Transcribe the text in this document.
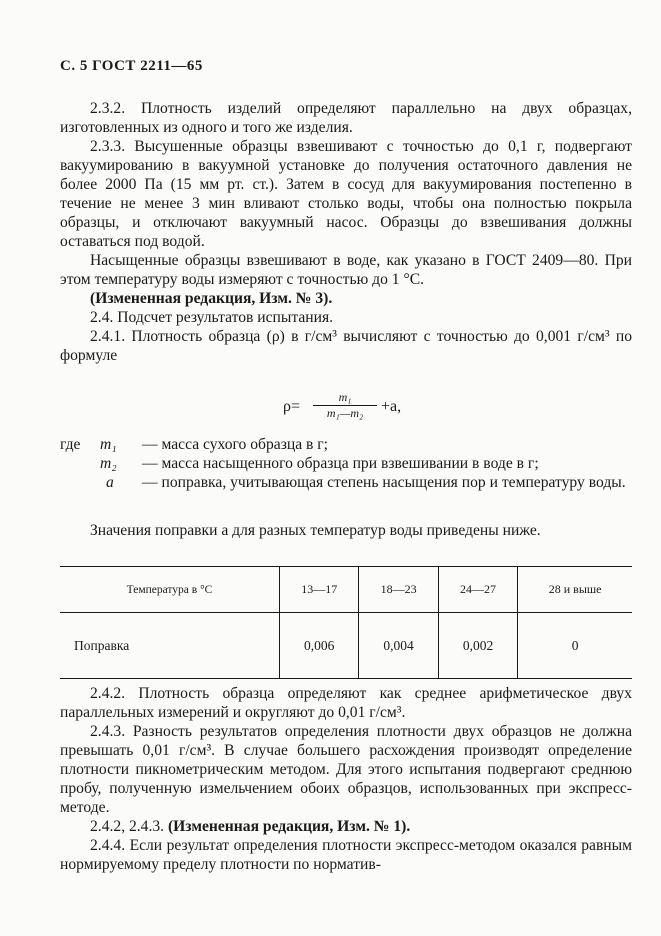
С. 5 ГОСТ 2211—65

2.3.2. Плотность изделий определяют параллельно на двух образцах, изготовленных из одного и того же изделия.

2.3.3. Высушенные образцы взвешивают с точностью до 0,1 г, подвергают вакуумированию в вакуумной установке до получения остаточного давления не более 2000 Па (15 мм рт. ст.). Затем в сосуд для вакуумирования постепенно в течение не менее 3 мин вливают столько воды, чтобы она полностью покрыла образцы, и отключают вакуумный насос. Образцы до взвешивания должны оставаться под водой.

Насыщенные образцы взвешивают в воде, как указано в ГОСТ 2409—80. При этом температуру воды измеряют с точностью до 1 °С.

(Измененная редакция, Изм. № 3).

2.4. Подсчет результатов испытания.

2.4.1. Плотность образца (ρ) в г/см³ вычисляют с точностью до 0,001 г/см³ по формуле

ρ=
m₁
m₁—m₂	+a,
где m₁ — масса сухого образца в г;

m₂ — масса насыщенного образца при взвешивании в воде в г;

a — поправка, учитывающая степень насыщения пор и температуру воды.

Значения поправки a для разных температур воды приведены ниже.

Температура в °С	13—17	18—23	24—27	28 и выше
Поправка	0,006	0,004	0,002	0

2.4.2. Плотность образца определяют как среднее арифметическое двух параллельных измерений и округляют до 0,01 г/см³.

2.4.3. Разность результатов определения плотности двух образцов не должна превышать 0,01 г/см³. В случае большего расхождения производят определение плотности пикнометрическим методом. Для этого испытания подвергают среднюю пробу, полученную измельчением обоих образцов, использованных при экспресс-методе.

2.4.2, 2.4.3. (Измененная редакция, Изм. № 1).

2.4.4. Если результат определения плотности экспресс-методом оказался равным нормируемому пределу плотности по норматив-
